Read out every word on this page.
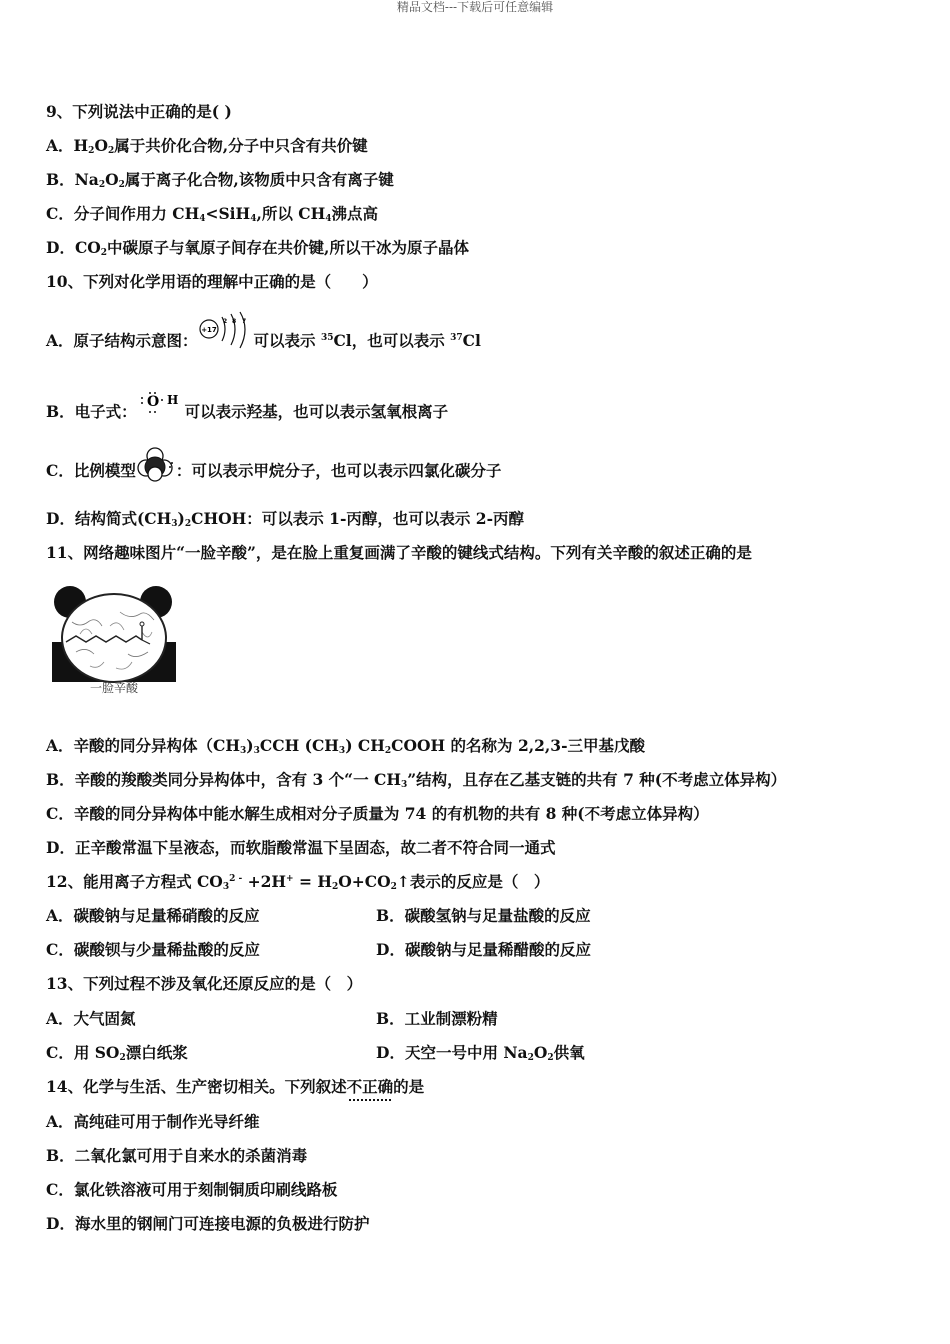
精品文档---下载后可任意编辑
9、下列说法中正确的是( )
A．$H_2O_2$属于共价化合物,分子中只含有共价键
B．$Na_2O_2$属于离子化合物,该物质中只含有离子键
C．分子间作用力 $CH_4<SiH_4$,所以 $CH_4$沸点高
D．$CO_2$中碳原子与氧原子间存在共价键,所以干冰为原子晶体
10、下列对化学用语的理解中正确的是（　　）
A．原子结构示意图：
+17
2 8 7
可以表示 $^{35}$Cl，也可以表示 $^{37}$Cl
B．电子式： O H
可以表示羟基，也可以表示氢氧根离子
C．比例模型	：可以表示甲烷分子，也可以表示四氯化碳分子
D．结构简式$(CH_3)_2CHOH$：可以表示 1-丙醇，也可以表示 2-丙醇
11、网络趣味图片“一脸辛酸”，是在脸上重复画满了辛酸的键线式结构。下列有关辛酸的叙述正确的是
一脸辛酸
A．辛酸的同分异构体$(CH_3)_3CCH$ $(CH_3)$ $CH_2COOH$ 的名称为 2,2,3-三甲基戊酸
B．辛酸的羧酸类同分异构体中，含有 3 个“一 $CH_3$”结构，且存在乙基支链的共有 7 种(不考虑立体异构）
C．辛酸的同分异构体中能水解生成相对分子质量为 74 的有机物的共有 8 种(不考虑立体异构）
D．正辛酸常温下呈液态，而软脂酸常温下呈固态，故二者不符合同一通式
12、能用离子方程式 $CO_3^{2 -} +2H^+$ = $H_2O+CO_2↑$表示的反应是（　）
A．碳酸钠与足量稀硝酸的反应	B．碳酸氢钠与足量盐酸的反应
C．碳酸钡与少量稀盐酸的反应	D．碳酸钠与足量稀醋酸的反应
13、下列过程不涉及氧化还原反应的是（　）
A．大气固氮	B．工业制漂粉精
C．用 $SO_2$漂白纸浆	D．天空一号中用 $Na_2O_2$供氧
14、化学与生活、生产密切相关。下列叙述不正确的是
A．高纯硅可用于制作光导纤维
B．二氧化氯可用于自来水的杀菌消毒
C．氯化铁溶液可用于刻制铜质印刷线路板
D．海水里的钢闸门可连接电源的负极进行防护
